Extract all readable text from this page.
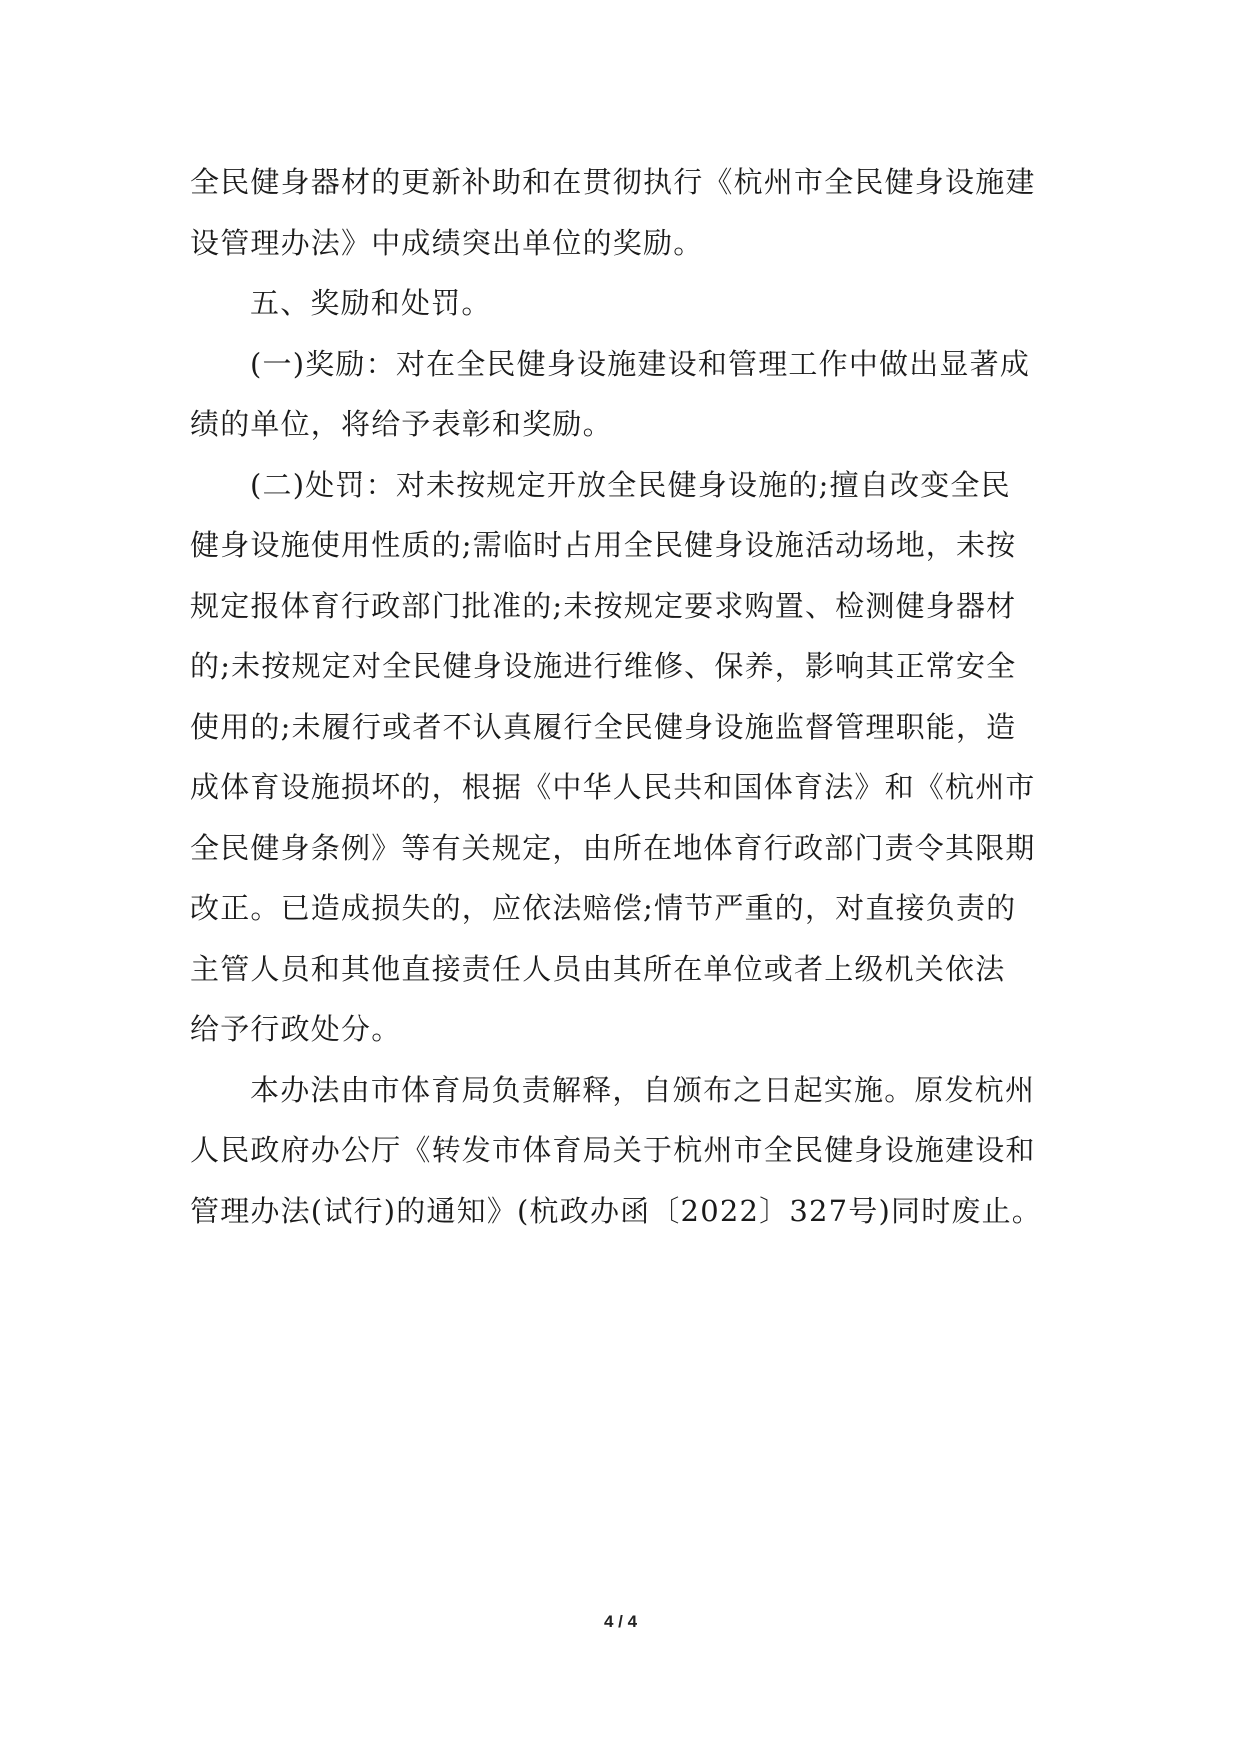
全民健身器材的更新补助和在贯彻执行《杭州市全民健身设施建
设管理办法》中成绩突出单位的奖励。
五、奖励和处罚。
(一)奖励：对在全民健身设施建设和管理工作中做出显著成
绩的单位，将给予表彰和奖励。
(二)处罚：对未按规定开放全民健身设施的;擅自改变全民
健身设施使用性质的;需临时占用全民健身设施活动场地，未按
规定报体育行政部门批准的;未按规定要求购置、检测健身器材
的;未按规定对全民健身设施进行维修、保养，影响其正常安全
使用的;未履行或者不认真履行全民健身设施监督管理职能，造
成体育设施损坏的，根据《中华人民共和国体育法》和《杭州市
全民健身条例》等有关规定，由所在地体育行政部门责令其限期
改正。已造成损失的，应依法赔偿;情节严重的，对直接负责的
主管人员和其他直接责任人员由其所在单位或者上级机关依法
给予行政处分。
本办法由市体育局负责解释，自颁布之日起实施。原发杭州
人民政府办公厅《转发市体育局关于杭州市全民健身设施建设和
管理办法(试行)的通知》(杭政办函〔2022〕327号)同时废止。
4 / 4
